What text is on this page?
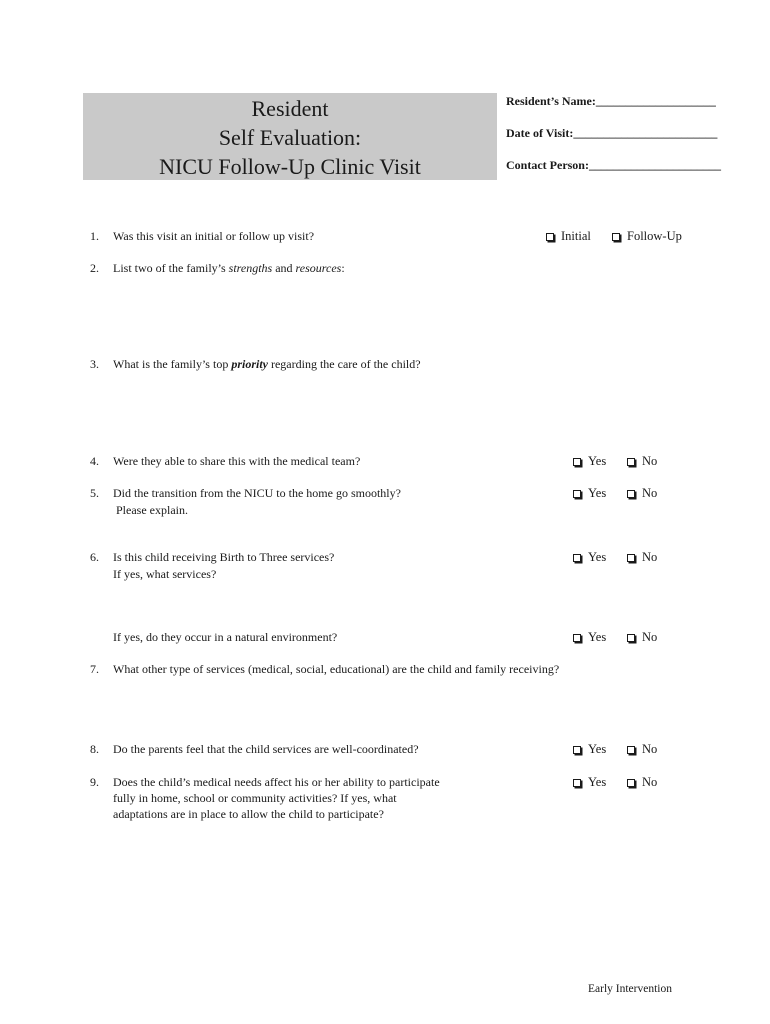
Resident
Self Evaluation:
NICU Follow-Up Clinic Visit
Resident’s Name:____________________
Date of Visit:________________________
Contact Person:______________________
1. Was this visit an initial or follow up visit?	Initial	Follow-Up
2. List two of the family’s strengths and resources:
3. What is the family’s top priority regarding the care of the child?
4. Were they able to share this with the medical team?	Yes	No
5. Did the transition from the NICU to the home go smoothly?
Please explain.
Yes	No
6. Is this child receiving Birth to Three services?
If yes, what services?
Yes	No
If yes, do they occur in a natural environment?	Yes	No
7. What other type of services (medical, social, educational) are the child and family receiving?
8. Do the parents feel that the child services are well-coordinated?	Yes	No
9. Does the child’s medical needs affect his or her ability to participate
fully in home, school or community activities? If yes, what
adaptations are in place to allow the child to participate?
Yes	No
Early Intervention
